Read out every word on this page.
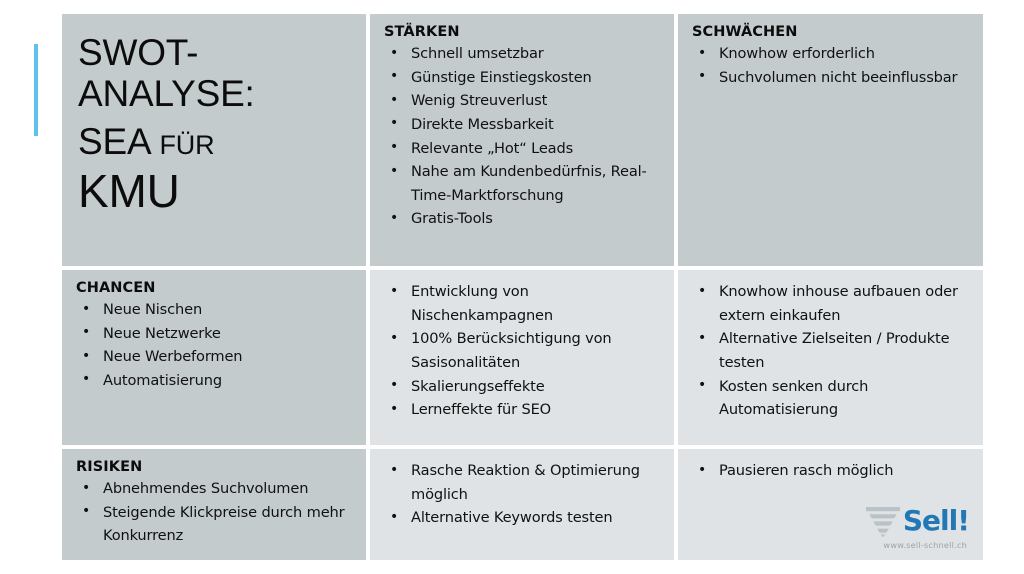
SWOT-
ANALYSE:
SEA FÜR
KMU
STÄRKEN
• Schnell umsetzbar
• Günstige Einstiegskosten
• Wenig Streuverlust
• Direkte Messbarkeit
• Relevante „Hot“ Leads
• Nahe am Kundenbedürfnis, Real-Time-Marktforschung
• Gratis-Tools
SCHWÄCHEN
• Knowhow erforderlich
• Suchvolumen nicht beeinflussbar
CHANCEN
• Neue Nischen
• Neue Netzwerke
• Neue Werbeformen
• Automatisierung
• Entwicklung von Nischenkampagnen
• 100% Berücksichtigung von Sasisonalitäten
• Skalierungseffekte
• Lerneffekte für SEO
• Knowhow inhouse aufbauen oder extern einkaufen
• Alternative Zielseiten / Produkte testen
• Kosten senken durch Automatisierung
RISIKEN
• Abnehmendes Suchvolumen
• Steigende Klickpreise durch mehr Konkurrenz
• Rasche Reaktion & Optimierung möglich
• Alternative Keywords testen
• Pausieren rasch möglich
Sell!
www.sell-schnell.ch
